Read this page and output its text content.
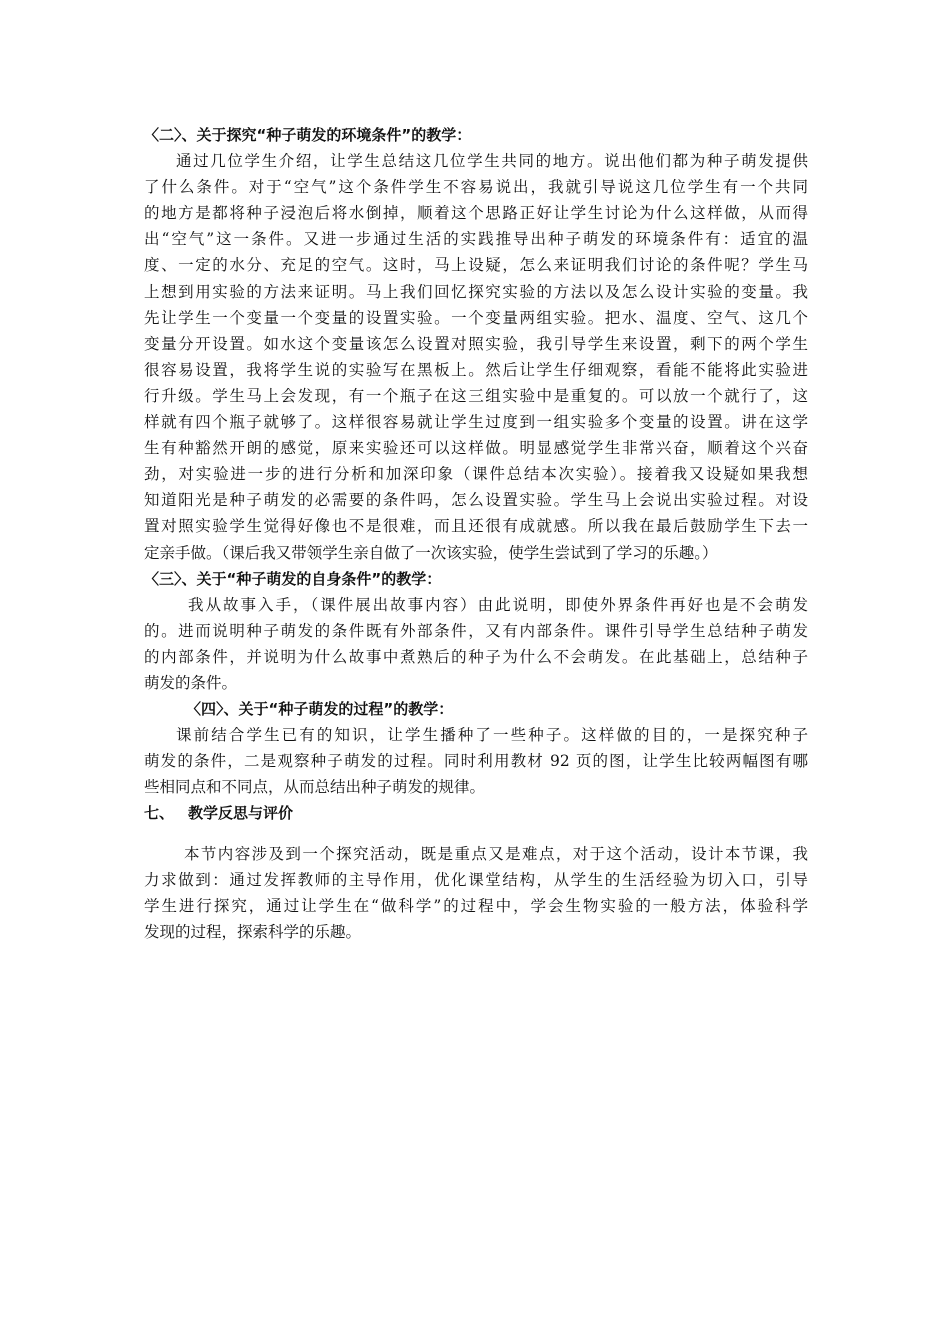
〈二〉、关于探究“种子萌发的环境条件”的教学：
通过几位学生介绍，让学生总结这几位学生共同的地方。说出他们都为种子萌发提供
了什么条件。对于“空气”这个条件学生不容易说出，我就引导说这几位学生有一个共同
的地方是都将种子浸泡后将水倒掉，顺着这个思路正好让学生讨论为什么这样做，从而得
出“空气”这一条件。又进一步通过生活的实践推导出种子萌发的环境条件有：适宜的温
度、一定的水分、充足的空气。这时，马上设疑，怎么来证明我们讨论的条件呢？学生马
上想到用实验的方法来证明。马上我们回忆探究实验的方法以及怎么设计实验的变量。我
先让学生一个变量一个变量的设置实验。一个变量两组实验。把水、温度、空气、这几个
变量分开设置。如水这个变量该怎么设置对照实验，我引导学生来设置，剩下的两个学生
很容易设置，我将学生说的实验写在黑板上。然后让学生仔细观察，看能不能将此实验进
行升级。学生马上会发现，有一个瓶子在这三组实验中是重复的。可以放一个就行了，这
样就有四个瓶子就够了。这样很容易就让学生过度到一组实验多个变量的设置。讲在这学
生有种豁然开朗的感觉，原来实验还可以这样做。明显感觉学生非常兴奋，顺着这个兴奋
劲，对实验进一步的进行分析和加深印象（课件总结本次实验）。接着我又设疑如果我想
知道阳光是种子萌发的必需要的条件吗，怎么设置实验。学生马上会说出实验过程。对设
置对照实验学生觉得好像也不是很难，而且还很有成就感。所以我在最后鼓励学生下去一
定亲手做。（课后我又带领学生亲自做了一次该实验，使学生尝试到了学习的乐趣。）
〈三〉、关于“种子萌发的自身条件”的教学：
我从故事入手，（课件展出故事内容）由此说明，即使外界条件再好也是不会萌发
的。进而说明种子萌发的条件既有外部条件，又有内部条件。课件引导学生总结种子萌发
的内部条件，并说明为什么故事中煮熟后的种子为什么不会萌发。在此基础上，总结种子
萌发的条件。
〈四〉、关于“种子萌发的过程”的教学：
课前结合学生已有的知识，让学生播种了一些种子。这样做的目的，一是探究种子
萌发的条件，二是观察种子萌发的过程。同时利用教材 92 页的图，让学生比较两幅图有哪
些相同点和不同点，从而总结出种子萌发的规律。
七、 教学反思与评价
本节内容涉及到一个探究活动，既是重点又是难点，对于这个活动，设计本节课，我
力求做到：通过发挥教师的主导作用，优化课堂结构，从学生的生活经验为切入口，引导
学生进行探究，通过让学生在“做科学”的过程中，学会生物实验的一般方法，体验科学
发现的过程，探索科学的乐趣。
